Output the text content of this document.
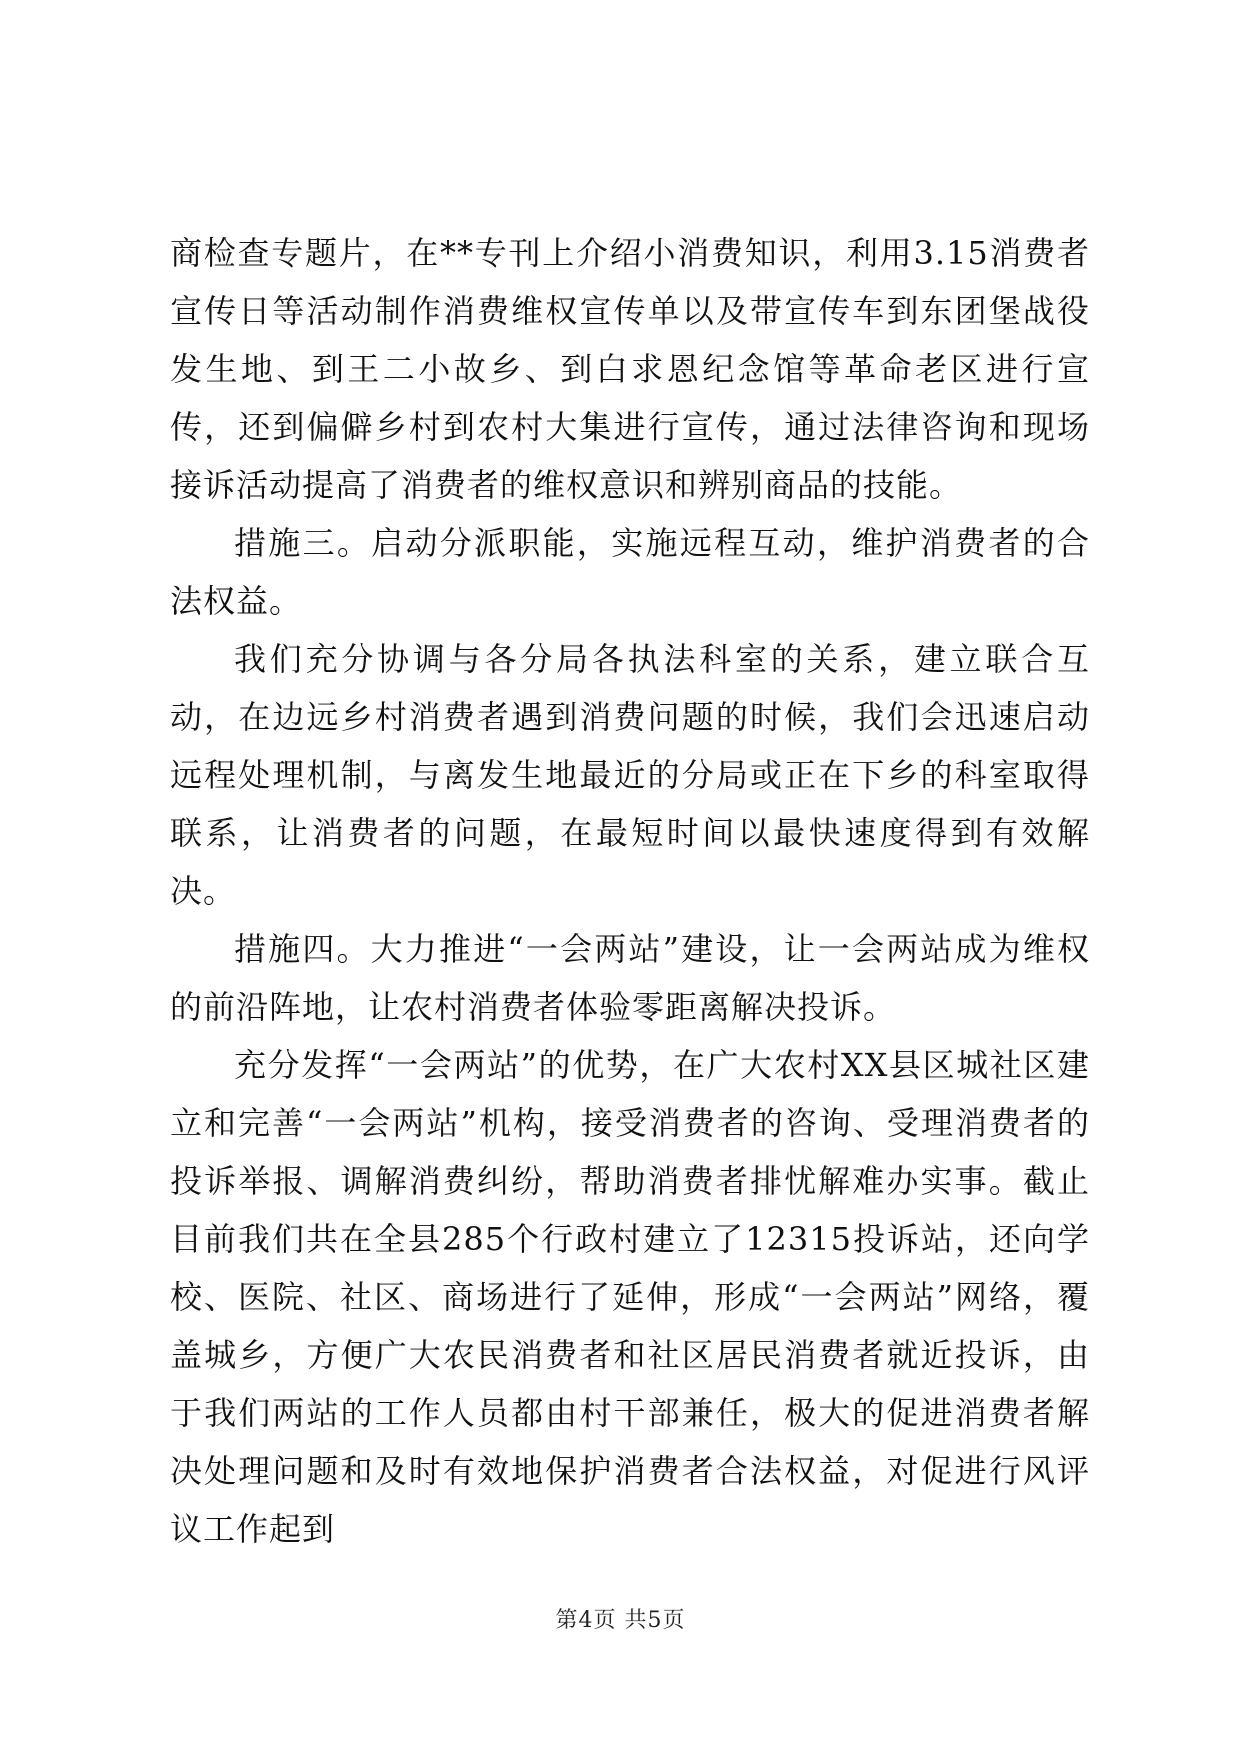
商检查专题片，在**专刊上介绍小消费知识，利用3.15消费者宣传日等活动制作消费维权宣传单以及带宣传车到东团堡战役发生地、到王二小故乡、到白求恩纪念馆等革命老区进行宣传，还到偏僻乡村到农村大集进行宣传，通过法律咨询和现场接诉活动提高了消费者的维权意识和辨别商品的技能。

措施三。启动分派职能，实施远程互动，维护消费者的合法权益。

我们充分协调与各分局各执法科室的关系，建立联合互动，在边远乡村消费者遇到消费问题的时候，我们会迅速启动远程处理机制，与离发生地最近的分局或正在下乡的科室取得联系，让消费者的问题，在最短时间以最快速度得到有效解决。

措施四。大力推进“一会两站”建设，让一会两站成为维权的前沿阵地，让农村消费者体验零距离解决投诉。

充分发挥“一会两站”的优势，在广大农村XX县区城社区建立和完善“一会两站”机构，接受消费者的咨询、受理消费者的投诉举报、调解消费纠纷，帮助消费者排忧解难办实事。截止目前我们共在全县285个行政村建立了12315投诉站，还向学校、医院、社区、商场进行了延伸，形成“一会两站”网络，覆盖城乡，方便广大农民消费者和社区居民消费者就近投诉，由于我们两站的工作人员都由村干部兼任，极大的促进消费者解决处理问题和及时有效地保护消费者合法权益，对促进行风评议工作起到

第4页 共5页
